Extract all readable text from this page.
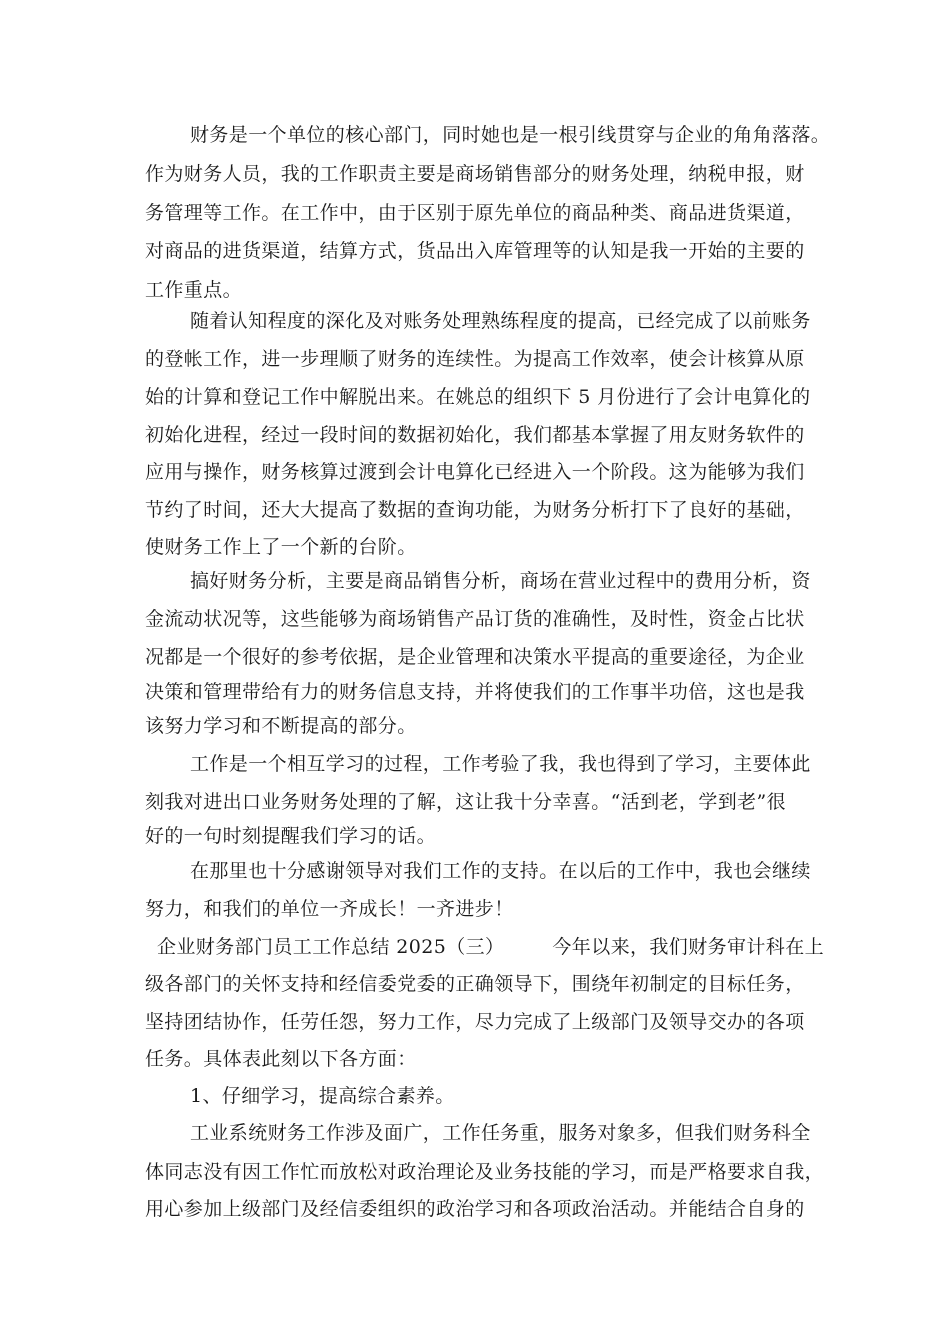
财务是一个单位的核心部门，同时她也是一根引线贯穿与企业的角角落落。
作为财务人员，我的工作职责主要是商场销售部分的财务处理，纳税申报，财
务管理等工作。在工作中，由于区别于原先单位的商品种类、商品进货渠道，
对商品的进货渠道，结算方式，货品出入库管理等的认知是我一开始的主要的
工作重点。
随着认知程度的深化及对账务处理熟练程度的提高，已经完成了以前账务
的登帐工作，进一步理顺了财务的连续性。为提高工作效率，使会计核算从原
始的计算和登记工作中解脱出来。在姚总的组织下 5 月份进行了会计电算化的
初始化进程，经过一段时间的数据初始化，我们都基本掌握了用友财务软件的
应用与操作，财务核算过渡到会计电算化已经进入一个阶段。这为能够为我们
节约了时间，还大大提高了数据的查询功能，为财务分析打下了良好的基础，
使财务工作上了一个新的台阶。
搞好财务分析，主要是商品销售分析，商场在营业过程中的费用分析，资
金流动状况等，这些能够为商场销售产品订货的准确性，及时性，资金占比状
况都是一个很好的参考依据，是企业管理和决策水平提高的重要途径，为企业
决策和管理带给有力的财务信息支持，并将使我们的工作事半功倍，这也是我
该努力学习和不断提高的部分。
工作是一个相互学习的过程，工作考验了我，我也得到了学习，主要体此
刻我对进出口业务财务处理的了解，这让我十分幸喜。“活到老，学到老”很
好的一句时刻提醒我们学习的话。
在那里也十分感谢领导对我们工作的支持。在以后的工作中，我也会继续
努力，和我们的单位一齐成长！一齐进步！
企业财务部门员工工作总结 2025（三）	今年以来，我们财务审计科在上
级各部门的关怀支持和经信委党委的正确领导下，围绕年初制定的目标任务，
坚持团结协作，任劳任怨，努力工作，尽力完成了上级部门及领导交办的各项
任务。具体表此刻以下各方面：
1、仔细学习，提高综合素养。
工业系统财务工作涉及面广，工作任务重，服务对象多，但我们财务科全
体同志没有因工作忙而放松对政治理论及业务技能的学习，而是严格要求自我，
用心参加上级部门及经信委组织的政治学习和各项政治活动。并能结合自身的
